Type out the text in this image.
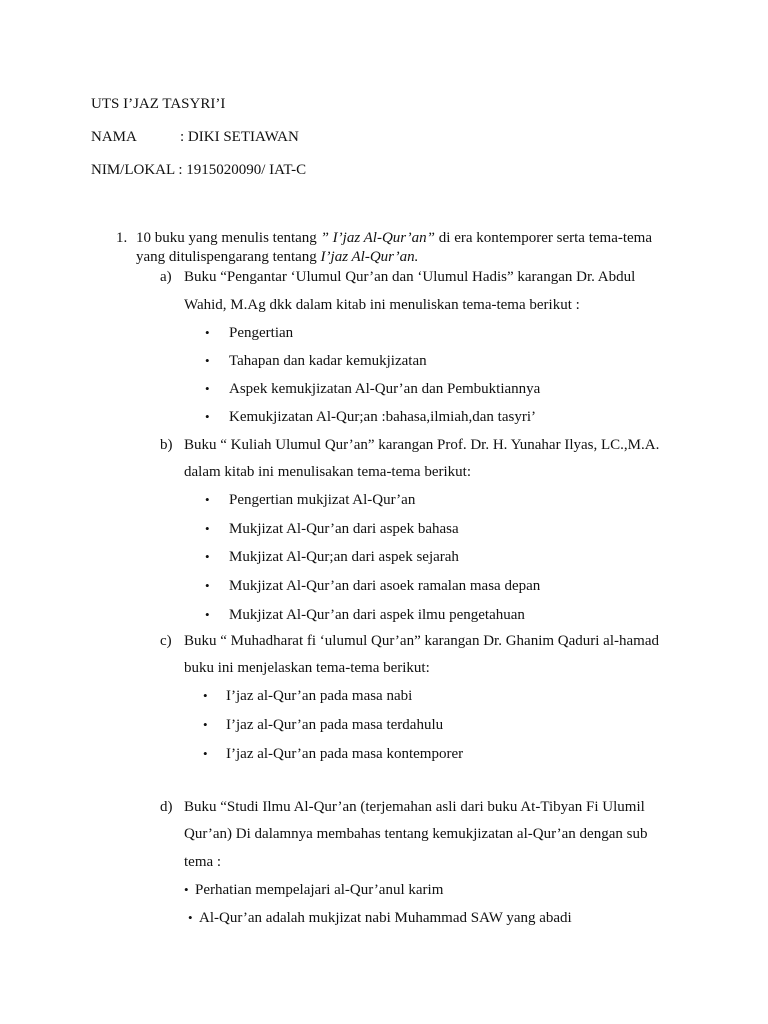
UTS I’JAZ TASYRI’I
NAMA	: DIKI SETIAWAN
NIM/LOKAL : 1915020090/ IAT-C
1. 10 buku yang menulis tentang ” I’jaz Al-Qur’an” di era kontemporer serta tema-tema
yang ditulispengarang tentang I’jaz Al-Qur’an.
a) Buku “Pengantar ‘Ulumul Qur’an dan ‘Ulumul Hadis” karangan Dr. Abdul
Wahid, M.Ag dkk dalam kitab ini menuliskan tema-tema berikut :
• Pengertian
• Tahapan dan kadar kemukjizatan
• Aspek kemukjizatan Al-Qur’an dan Pembuktiannya
• Kemukjizatan Al-Qur;an :bahasa,ilmiah,dan tasyri’
b) Buku “ Kuliah Ulumul Qur’an” karangan Prof. Dr. H. Yunahar Ilyas, LC.,M.A.
dalam kitab ini menulisakan tema-tema berikut:
• Pengertian mukjizat Al-Qur’an
• Mukjizat Al-Qur’an dari aspek bahasa
• Mukjizat Al-Qur;an dari aspek sejarah
• Mukjizat Al-Qur’an dari asoek ramalan masa depan
• Mukjizat Al-Qur’an dari aspek ilmu pengetahuan
c) Buku “ Muhadharat fi ‘ulumul Qur’an” karangan Dr. Ghanim Qaduri al-hamad
buku ini menjelaskan tema-tema berikut:
• I’jaz al-Qur’an pada masa nabi
• I’jaz al-Qur’an pada masa terdahulu
• I’jaz al-Qur’an pada masa kontemporer
d) Buku “Studi Ilmu Al-Qur’an (terjemahan asli dari buku At-Tibyan Fi Ulumil
Qur’an) Di dalamnya membahas tentang kemukjizatan al-Qur’an dengan sub
tema :
• Perhatian mempelajari al-Qur’anul karim
• Al-Qur’an adalah mukjizat nabi Muhammad SAW yang abadi
